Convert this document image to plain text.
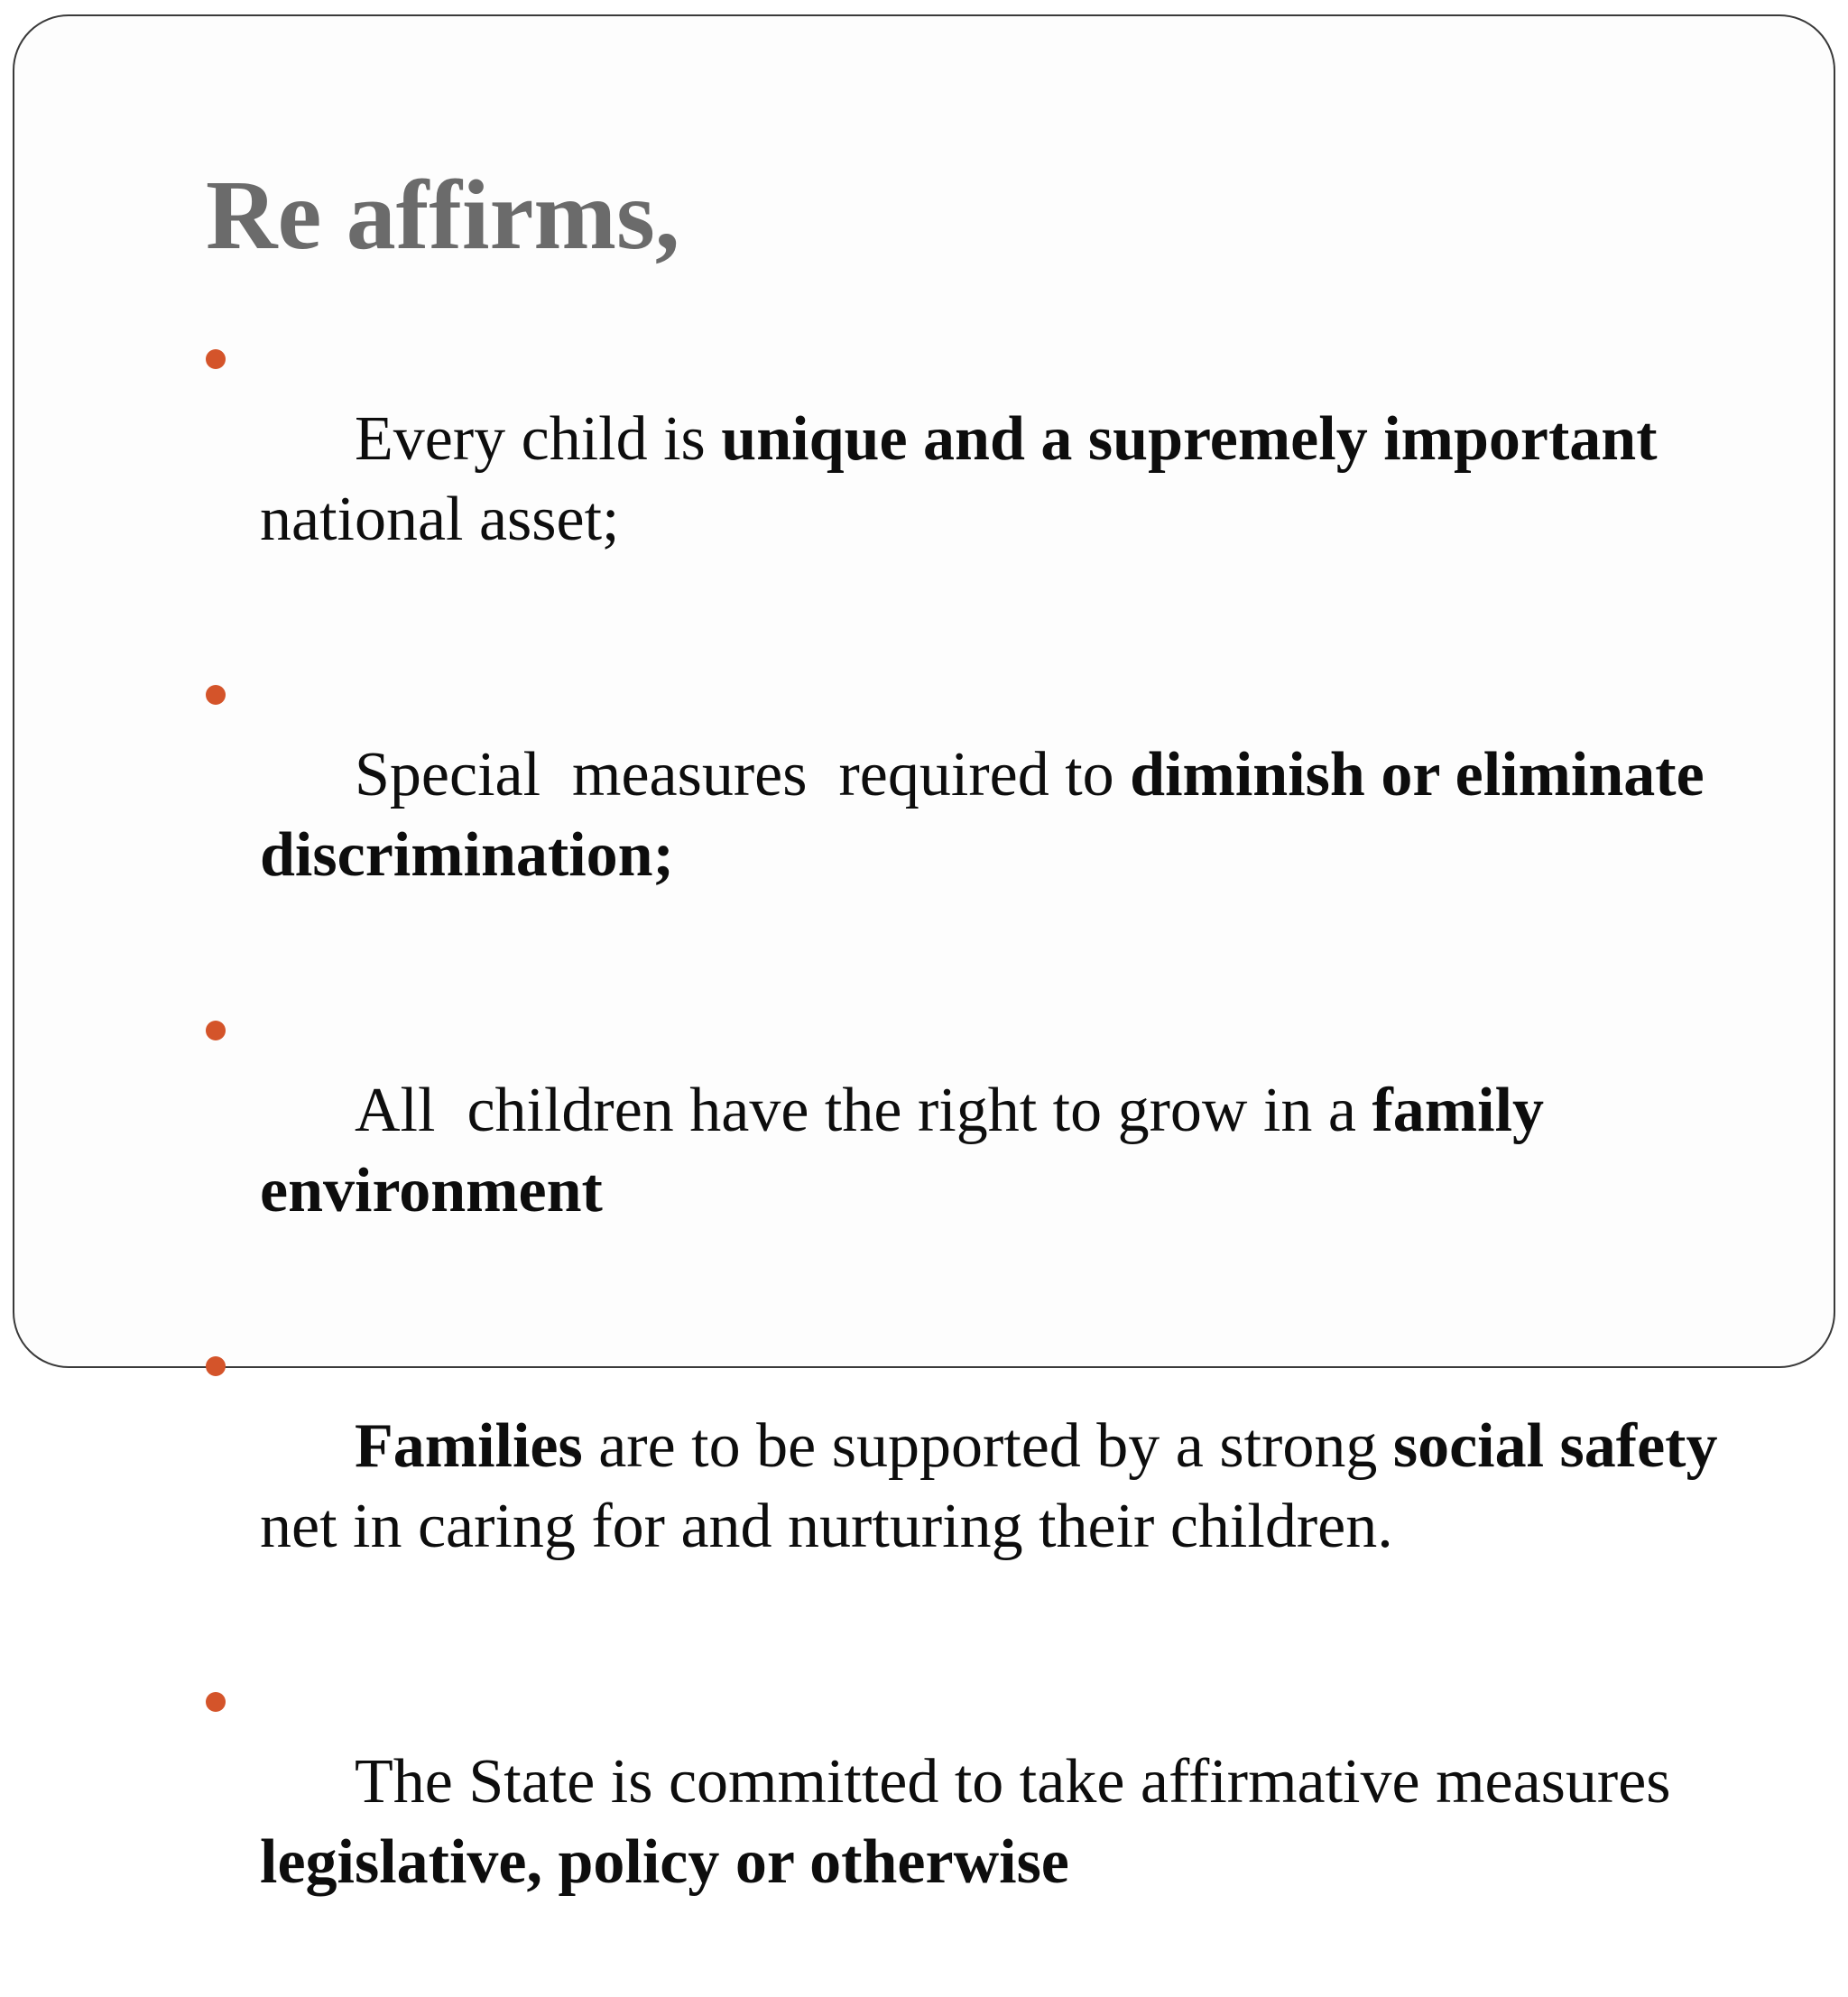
Re affirms,

Every child is unique and a supremely important national asset;

Special  measures  required to diminish or eliminate discrimination;

All  children have the right to grow in a family environment

Families are to be supported by a strong social safety net in caring for and nurturing their children.

The State is committed to take affirmative measures legislative, policy or otherwise
